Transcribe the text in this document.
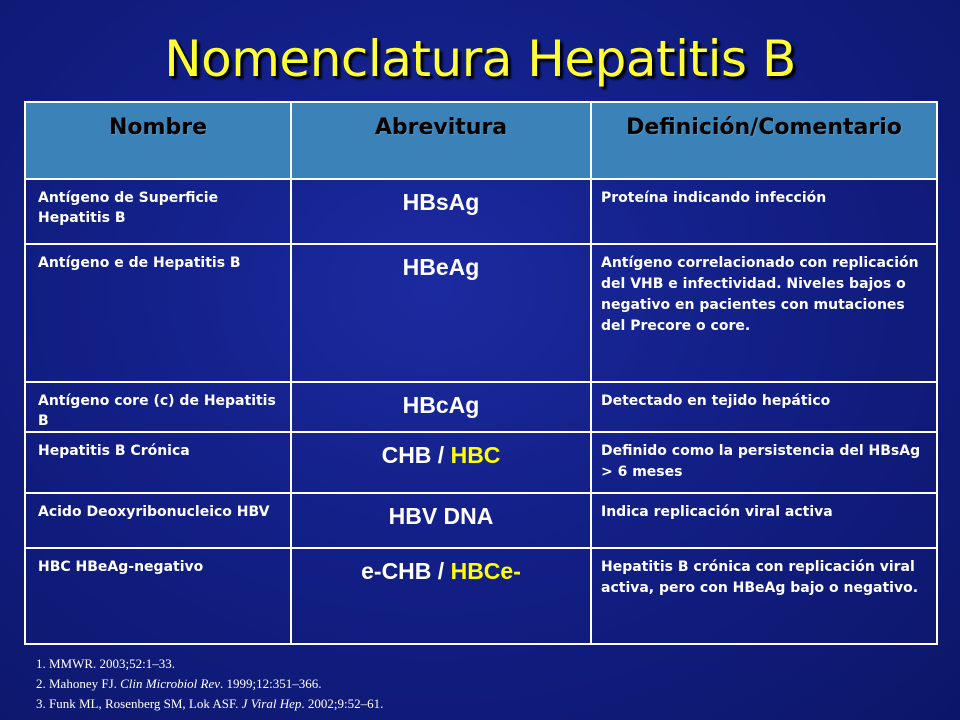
Nomenclatura Hepatitis B
Nombre	Abrevitura	Definición/Comentario
Antígeno de Superficie Hepatitis B	HBsAg	Proteína indicando infección
Antígeno e de Hepatitis B	HBeAg	Antígeno correlacionado con replicación del VHB e infectividad. Niveles bajos o negativo en pacientes con mutaciones del Precore o core.
Antígeno core (c) de Hepatitis B	HBcAg	Detectado en tejido hepático
Hepatitis B Crónica	CHB / HBC	Definido como la persistencia del HBsAg > 6 meses
Acido Deoxyribonucleico HBV	HBV DNA	Indica replicación viral activa
HBC HBeAg-negativo	e-CHB / HBCe-	Hepatitis B crónica con replicación viral activa, pero con HBeAg bajo o negativo.
1. MMWR. 2003;52:1–33.
2. Mahoney FJ. Clin Microbiol Rev. 1999;12:351–366.
3. Funk ML, Rosenberg SM, Lok ASF. J Viral Hep. 2002;9:52–61.
